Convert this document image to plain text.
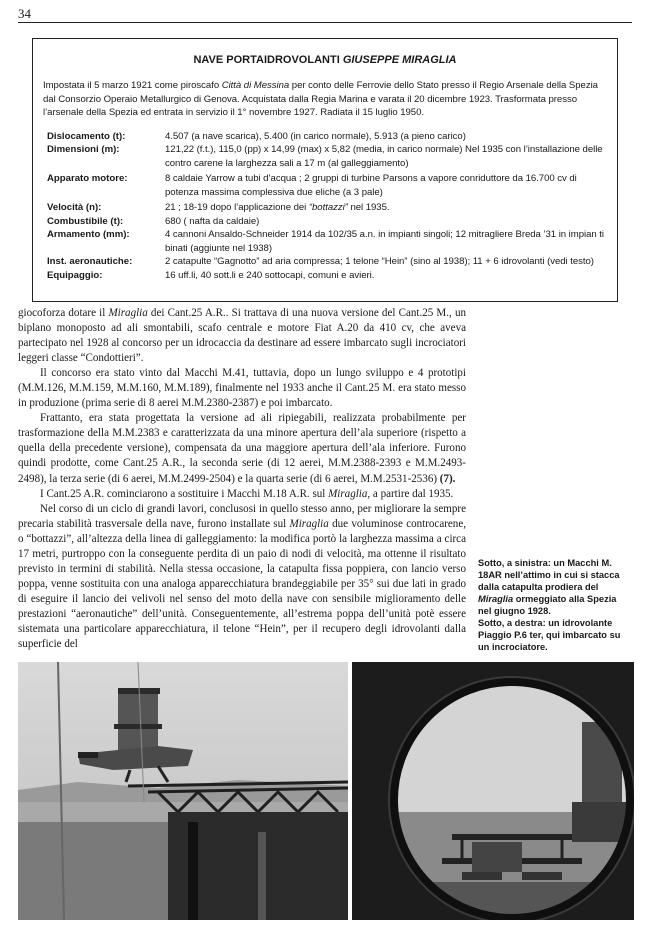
34
NAVE PORTAIDROVOLANTI GIUSEPPE MIRAGLIA
Impostata il 5 marzo 1921 come piroscafo Città di Messina per conto delle Ferrovie dello Stato presso il Regio Arsenale della Spezia dal Consorzio Operaio Metallurgico di Genova. Acquistata dalla Regia Marina e varata il 20 dicembre 1923. Trasformata presso l’arsenale della Spezia ed entrata in servizio il 1° novembre 1927. Radiata il 15 luglio 1950.
Dislocamento (t):	4.507 (a nave scarica), 5.400 (in carico normale), 5.913 (a pieno carico)
Dimensioni (m):	121,22 (f.t.), 115,0 (pp) x 14,99 (max) x 5,82 (media, in carico normale) Nel 1935 con l’installazione delle contro carene la larghezza sali a 17 m (al galleggiamento)
Apparato motore:	8 caldaie Yarrow a tubi d’acqua ; 2 gruppi di turbine Parsons a vapore conriduttore da 16.700 cv di potenza massima complessiva due eliche (a 3 pale)
Velocità (n):	21 ; 18-19 dopo l’applicazione dei “bottazzi” nel 1935.
Combustibile (t):	680 ( nafta da caldaie)
Armamento (mm):	4 cannoni Ansaldo-Schneider 1914 da 102/35 a.n. in impianti singoli; 12 mitragliere Breda ’31 in impian ti binati (aggiunte nel 1938)
Inst. aeronautiche:	2 catapulte “Gagnotto” ad aria compressa; 1 telone “Hein” (sino al 1938); 11 + 6 idrovolanti (vedi testo)
Equipaggio:	16 uff.li, 40 sott.li e 240 sottocapi, comuni e avieri.

giocoforza dotare il Miraglia dei Cant.25 A.R.. Si trattava di una nuova versione del Cant.25 M., un biplano monoposto ad ali smontabili, scafo centrale e motore Fiat A.20 da 410 cv, che aveva partecipato nel 1928 al concorso per un idrocaccia da destinare ad essere imbarcato sugli incrociatori leggeri classe “Condottieri”.

Il concorso era stato vinto dal Macchi M.41, tuttavia, dopo un lungo sviluppo e 4 prototipi (M.M.126, M.M.159, M.M.160, M.M.189), finalmente nel 1933 anche il Cant.25 M. era stato messo in produzione (prima serie di 8 aerei M.M.2380-2387) e poi imbarcato.

Frattanto, era stata progettata la versione ad ali ripiegabili, realizzata probabilmente per trasformazione della M.M.2383 e caratterizzata da una minore apertura dell’ala superiore (rispetto a quella della precedente versione), compensata da una maggiore apertura dell’ala inferiore. Furono quindi prodotte, come Cant.25 A.R., la seconda serie (di 12 aerei, M.M.2388-2393 e M.M.2493-2498), la terza serie (di 6 aerei, M.M.2499-2504) e la quarta serie (di 6 aerei, M.M.2531-2536) (7).

I Cant.25 A.R. cominciarono a sostituire i Macchi M.18 A.R. sul Miraglia, a partire dal 1935.

Nel corso di un ciclo di grandi lavori, conclusosi in quello stesso anno, per migliorare la sempre precaria stabilità trasversale della nave, furono installate sul Miraglia due voluminose controcarene, o “bottazzi”, all’altezza della linea di galleggiamento: la modifica portò la larghezza massima a circa 17 metri, purtroppo con la conseguente perdita di un paio di nodi di velocità, ma ottenne il risultato previsto in termini di stabilità. Nella stessa occasione, la catapulta fissa poppiera, con lancio verso poppa, venne sostituita con una analoga apparecchiatura brandeggiabile per 35° sui due lati in grado di eseguire il lancio dei velivoli nel senso del moto della nave con sensibile miglioramento delle prestazioni “aeronautiche” dell’unità. Conseguentemente, all’estrema poppa dell’unità potè essere sistemata una particolare apparecchiatura, il telone “Hein”, per il recupero degli idrovolanti dalla superficie del

Sotto, a sinistra: un Macchi M. 18AR nell’attimo in cui si stacca dalla catapulta prodiera del Miraglia ormeggiato alla Spezia nel giugno 1928.

Sotto, a destra: un idrovolante Piaggio P.6 ter, qui imbarcato su un incrociatore.
